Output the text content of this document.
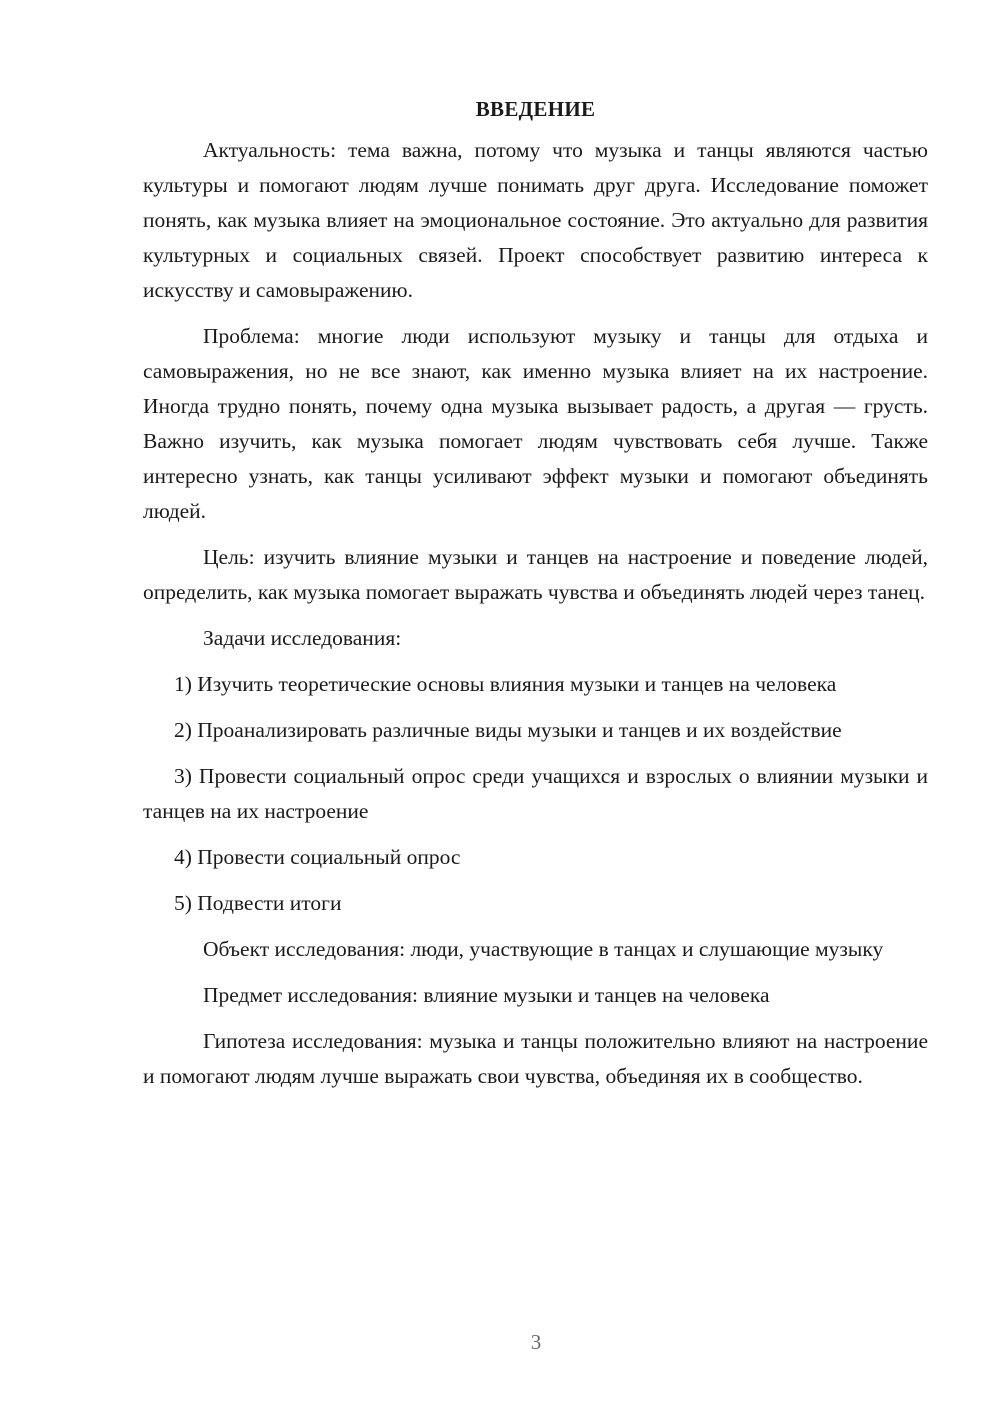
ВВЕДЕНИЕ

Актуальность: тема важна, потому что музыка и танцы являются частью культуры и помогают людям лучше понимать друг друга. Исследование поможет понять, как музыка влияет на эмоциональное состояние. Это актуально для развития культурных и социальных связей. Проект способствует развитию интереса к искусству и самовыражению.

Проблема: многие люди используют музыку и танцы для отдыха и самовыражения, но не все знают, как именно музыка влияет на их настроение. Иногда трудно понять, почему одна музыка вызывает радость, а другая — грусть. Важно изучить, как музыка помогает людям чувствовать себя лучше. Также интересно узнать, как танцы усиливают эффект музыки и помогают объединять людей.

Цель: изучить влияние музыки и танцев на настроение и поведение людей, определить, как музыка помогает выражать чувства и объединять людей через танец.

Задачи исследования:

1) Изучить теоретические основы влияния музыки и танцев на человека

2) Проанализировать различные виды музыки и танцев и их воздействие

3) Провести социальный опрос среди учащихся и взрослых о влиянии музыки и танцев на их настроение

4) Провести социальный опрос

5) Подвести итоги

Объект исследования: люди, участвующие в танцах и слушающие музыку

Предмет исследования: влияние музыки и танцев на человека

Гипотеза исследования: музыка и танцы положительно влияют на настроение и помогают людям лучше выражать свои чувства, объединяя их в сообщество.

3
